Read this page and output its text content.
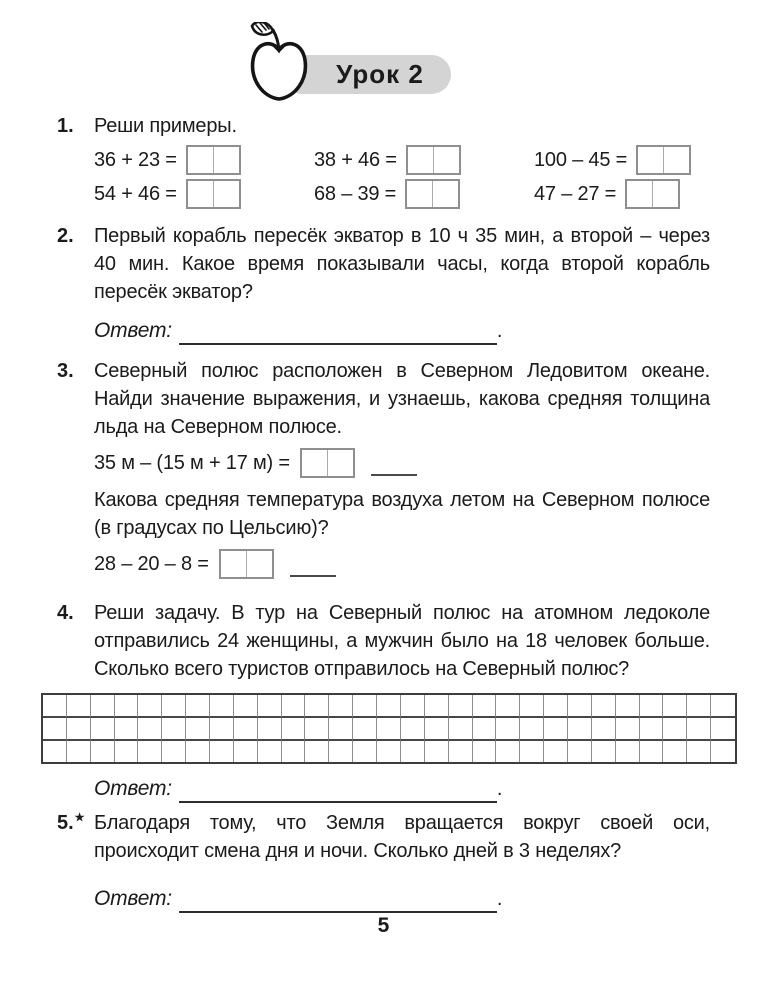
Урок 2
1.	Реши примеры.
36 + 23 =	38 + 46 =	100 – 45 =
54 + 46 =	68 – 39 =	47 – 27 =
2.	Первый корабль пересёк экватор в 10 ч 35 мин, а второй – через 40 мин. Какое время показывали часы, когда второй корабль пересёк экватор?
Ответ:	.
3.	Северный полюс расположен в Северном Ледовитом океане. Найди значение выражения, и узнаешь, какова средняя толщина льда на Северном полюсе.
35 м – (15 м + 17 м) =
Какова средняя температура воздуха летом на Северном полюсе (в градусах по Цельсию)?
28 – 20 – 8 =
4.	Реши задачу. В тур на Северный полюс на атомном ледоколе отправились 24 женщины, а мужчин было на 18 человек больше. Сколько всего туристов отправилось на Северный полюс?
Ответ:	.
5.★ Благодаря тому, что Земля вращается вокруг своей оси, происходит смена дня и ночи. Сколько дней в 3 неделях?
Ответ:	.
5
